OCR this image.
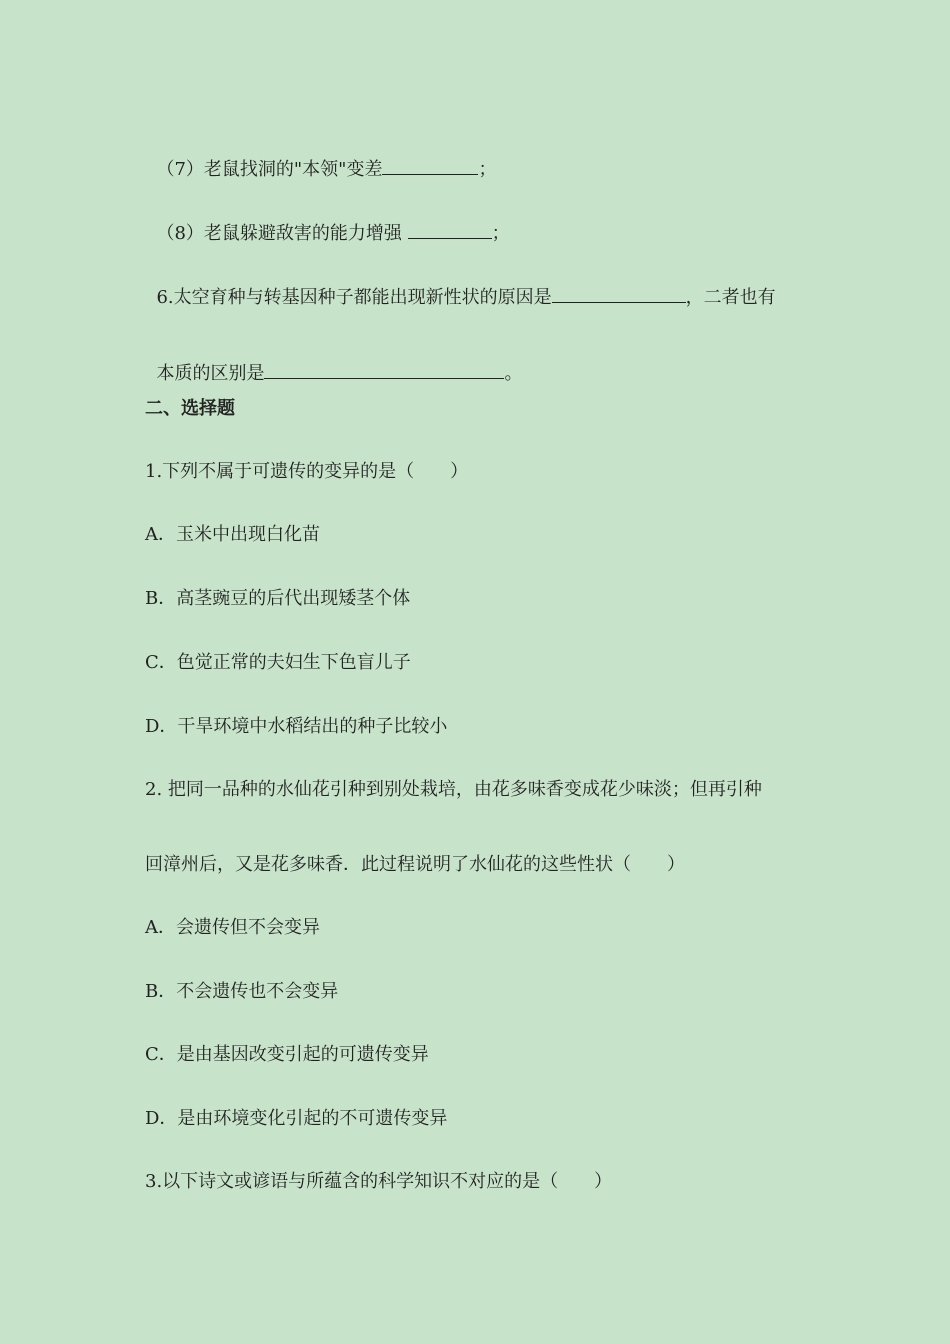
（7）老鼠找洞的"本领"变差	；

（8）老鼠躲避敌害的能力增强	；

6.太空育种与转基因种子都能出现新性状的原因是	，二者也有

本质的区别是	。

二、选择题
1.下列不属于可遗传的变异的是（　　）
A．玉米中出现白化苗
B．高茎豌豆的后代出现矮茎个体
C．色觉正常的夫妇生下色盲儿子
D．干旱环境中水稻结出的种子比较小
2. 把同一品种的水仙花引种到别处栽培，由花多味香变成花少味淡；但再引种
回漳州后，又是花多味香．此过程说明了水仙花的这些性状（　　）
A．会遗传但不会变异
B．不会遗传也不会变异
C．是由基因改变引起的可遗传变异
D．是由环境变化引起的不可遗传变异
3.以下诗文或谚语与所蕴含的科学知识不对应的是（　　）
